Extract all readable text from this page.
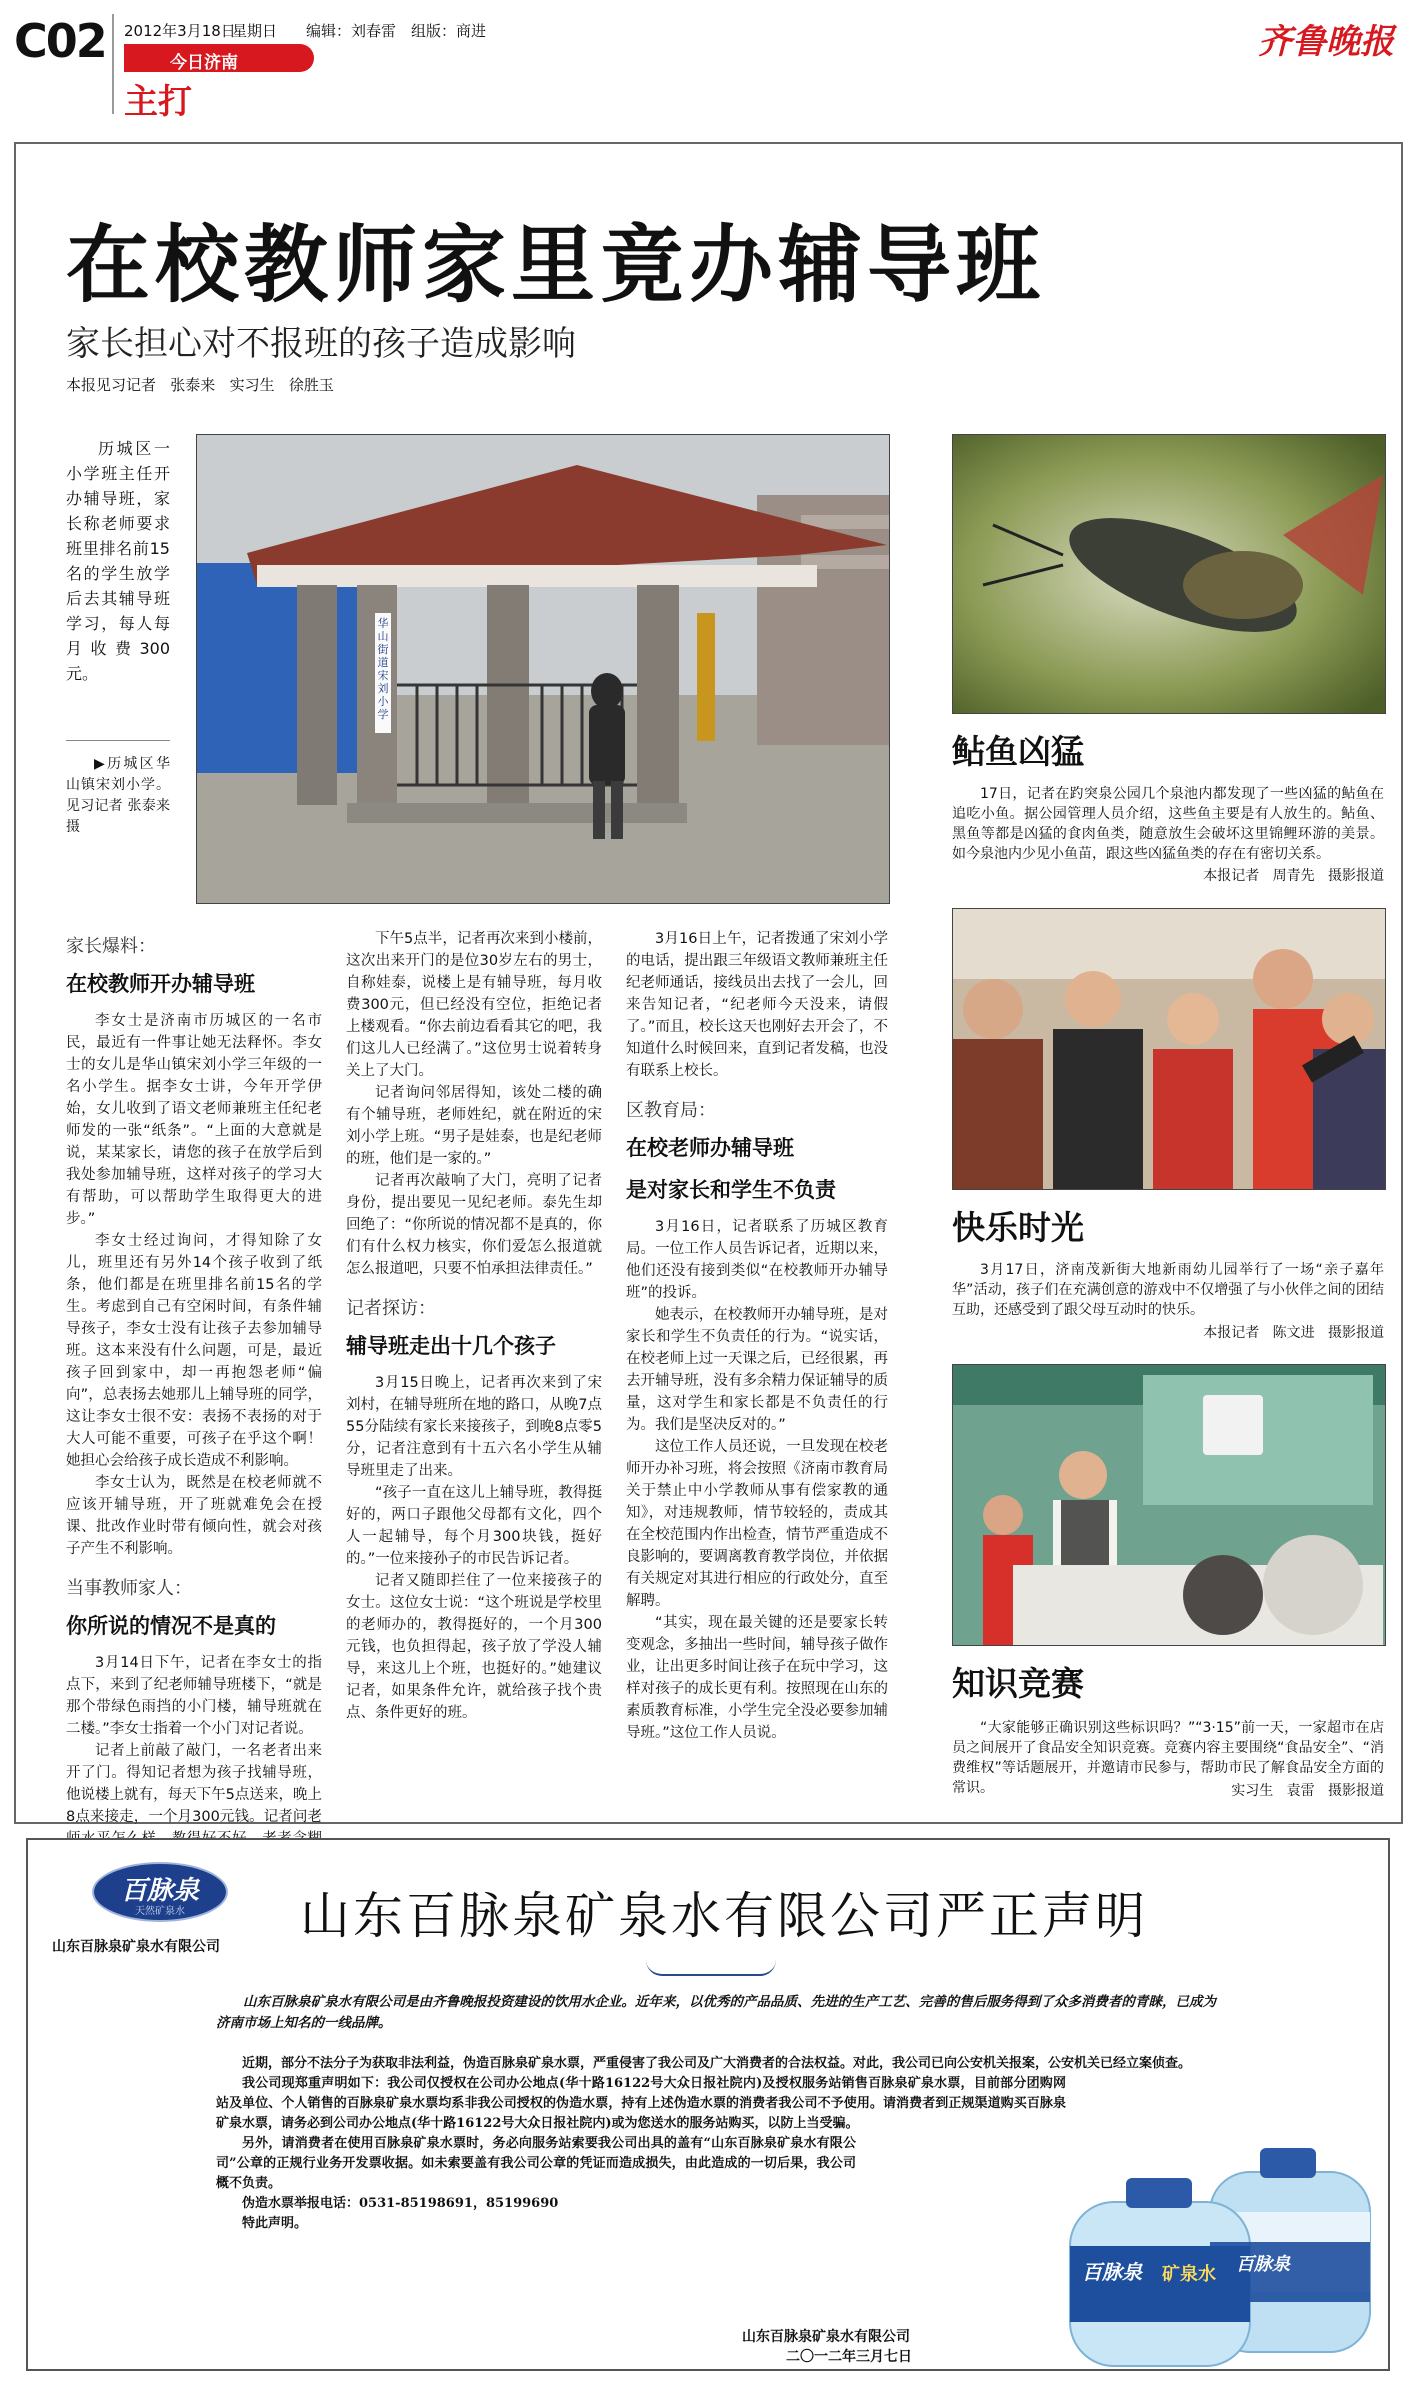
C02 2012年3月18日
星期日 编辑：刘春雷 组版：商进
今日济南
主打
齐鲁晚报
在校教师家里竟办辅导班
家长担心对不报班的孩子造成影响
本报见习记者   张泰来   实习生   徐胜玉

历城区一小学班主任开办辅导班，家长称老师要求班里排名前15名的学生放学后去其辅导班学习，每人每月收费300元。

▶历城区华山镇宋刘小学。 见习记者 张泰来 摄

华山街道宋刘小学
家长爆料：
在校教师开办辅导班

李女士是济南市历城区的一名市民，最近有一件事让她无法释怀。李女士的女儿是华山镇宋刘小学三年级的一名小学生。据李女士讲，今年开学伊始，女儿收到了语文老师兼班主任纪老师发的一张“纸条”。“上面的大意就是说，某某家长，请您的孩子在放学后到我处参加辅导班，这样对孩子的学习大有帮助，可以帮助学生取得更大的进步。”

李女士经过询问，才得知除了女儿，班里还有另外14个孩子收到了纸条，他们都是在班里排名前15名的学生。考虑到自己有空闲时间，有条件辅导孩子，李女士没有让孩子去参加辅导班。这本来没有什么问题，可是，最近孩子回到家中，却一再抱怨老师“偏向”，总表扬去她那儿上辅导班的同学，这让李女士很不安：表扬不表扬的对于大人可能不重要，可孩子在乎这个啊！她担心会给孩子成长造成不利影响。

李女士认为，既然是在校老师就不应该开辅导班，开了班就难免会在授课、批改作业时带有倾向性，就会对孩子产生不利影响。

当事教师家人：
你所说的情况不是真的

3月14日下午，记者在李女士的指点下，来到了纪老师辅导班楼下，“就是那个带绿色雨挡的小门楼，辅导班就在二楼。”李女士指着一个小门对记者说。

记者上前敲了敲门，一名老者出来开了门。得知记者想为孩子找辅导班，他说楼上就有，每天下午5点送来，晚上8点来接走，一个月300元钱。记者问老

下午5点半，记者再次来到小楼前，这次出来开门的是位30岁左右的男士，自称娃泰，说楼上是有辅导班，每月收费300元，但已经没有空位，拒绝记者上楼观看。“你去前边看看其它的吧，我们这儿人已经满了。”这位男士说着转身关上了大门。

记者询问邻居得知，该处二楼的确有个辅导班，老师姓纪，就在附近的宋刘小学上班。“男子是娃泰，也是纪老师的班，他们是一家的。”

记者再次敲响了大门，亮明了记者身份，提出要见一见纪老师。泰先生却回绝了：“你所说的情况都不是真的，你们有什么权力核实，你们爱怎么报道就怎么报道吧，只要不怕承担法律责任。”

记者探访：
辅导班走出十几个孩子

3月15日晚上，记者再次来到了宋刘村，在辅导班所在地的路口，从晚7点55分陆续有家长来接孩子，到晚8点零5分，记者注意到有十五六名小学生从辅导班里走了出来。

“孩子一直在这儿上辅导班，教得挺好的，两口子跟他父母都有文化，四个人一起辅导，每个月300块钱，挺好的。”一位来接孙子的市民告诉记者。

记者又随即拦住了一位来接孩子的女士。这位女士说：“这个班说是学校里的老师办的，教得挺好的，一个月300元钱，也负担得起，孩子放了学没人辅导，来这儿上个班，也挺好的。”她建议记者，如果条件允许，就给孩子找个贵点、条件更好的班。

3月16日上午，记者拨通了宋刘小学的电话，提出跟三年级语文教师兼班主任纪老师通话，接线员出去找了一会儿，回来告知记者，“纪老师今天没来，请假了。”而且，校长这天也刚好去开会了，不知道什么时候回来，直到记者发稿，也没有联系上校长。

区教育局：
在校老师办辅导班
是对家长和学生不负责

3月16日，记者联系了历城区教育局。一位工作人员告诉记者，近期以来，他们还没有接到类似“在校教师开办辅导班”的投诉。

她表示，在校教师开办辅导班，是对家长和学生不负责任的行为。“说实话，在校老师上过一天课之后，已经很累，再去开辅导班，没有多余精力保证辅导的质量，这对学生和家长都是不负责任的行为。我们是坚决反对的。”

这位工作人员还说，一旦发现在校老师开办补习班，将会按照《济南市教育局关于禁止中小学教师从事有偿家教的通知》，对违规教师，情节较轻的，责成其在全校范围内作出检查，情节严重造成不良影响的，要调离教育教学岗位，并依据有关规定对其进行相应的行政处分，直至解聘。

“其实，现在最关键的还是要家长转变观念，多抽出一些时间，辅导孩子做作业，让出更多时间让孩子在玩中学习，这样对孩子的成长更有利。按照现在山东的素质教育标准，小学生完全没必要参加辅导班。”这位工作人员说。

鲇鱼凶猛

17日，记者在趵突泉公园几个泉池内都发现了一些凶猛的鲇鱼在追吃小鱼。据公园管理人员介绍，这些鱼主要是有人放生的。鲇鱼、黑鱼等都是凶猛的食肉鱼类，随意放生会破坏这里锦鲤环游的美景。如今泉池内少见小鱼苗，跟这些凶猛鱼类的存在有密切关系。

本报记者   周青先   摄影报道
快乐时光

3月17日，济南茂新街大地新雨幼儿园举行了一场“亲子嘉年华”活动，孩子们在充满创意的游戏中不仅增强了与小伙伴之间的团结互助，还感受到了跟父母互动时的快乐。

本报记者   陈文进   摄影报道
知识竞赛

“大家能够正确识别这些标识吗？”“3·15”前一天，一家超市在店员之间展开了食品安全知识竞赛。竞赛内容主要围绕“食品安全”、“消费维权”等话题展开，并邀请市民参与，帮助市民了解食品安全方面的常识。	实习生   袁雷   摄影报道
百脉泉
天然矿泉水
山东百脉泉矿泉水有限公司
山东百脉泉矿泉水有限公司严正声明

山东百脉泉矿泉水有限公司是由齐鲁晚报投资建设的饮用水企业。近年来，以优秀的产品品质、先进的生产工艺、完善的售后服务得到了众多消费者的青睐，已成为济南市场上知名的一线品牌。

近期，部分不法分子为获取非法利益，伪造百脉泉矿泉水票，严重侵害了我公司及广大消费者的合法权益。对此，我公司已向公安机关报案，公安机关已经立案侦查。

我公司现郑重声明如下：我公司仅授权在公司办公地点(华十路16122号大众日报社院内)及授权服务站销售百脉泉矿泉水票，目前部分团购网站及单位、个人销售的百脉泉矿泉水票均系非我公司授权的伪造水票，持有上述伪造水票的消费者我公司不予使用。请消费者到正规渠道购买百脉泉矿泉水票，请务必到公司办公地点(华十路16122号大众日报社院内)或为您送水的服务站购买，以防上当受骗。

另外，请消费者在使用百脉泉矿泉水票时，务必向服务站索要我公司出具的盖有“山东百脉泉矿泉水有限公司”公章的正规行业务开发票收据。如未索要盖有我公司公章的凭证而造成损失，由此造成的一切后果，我公司概不负责。

伪造水票举报电话：0531-85198691，85199690

特此声明。

山东百脉泉矿泉水有限公司
二〇一二年三月七日
百脉泉 矿泉水 百脉泉
